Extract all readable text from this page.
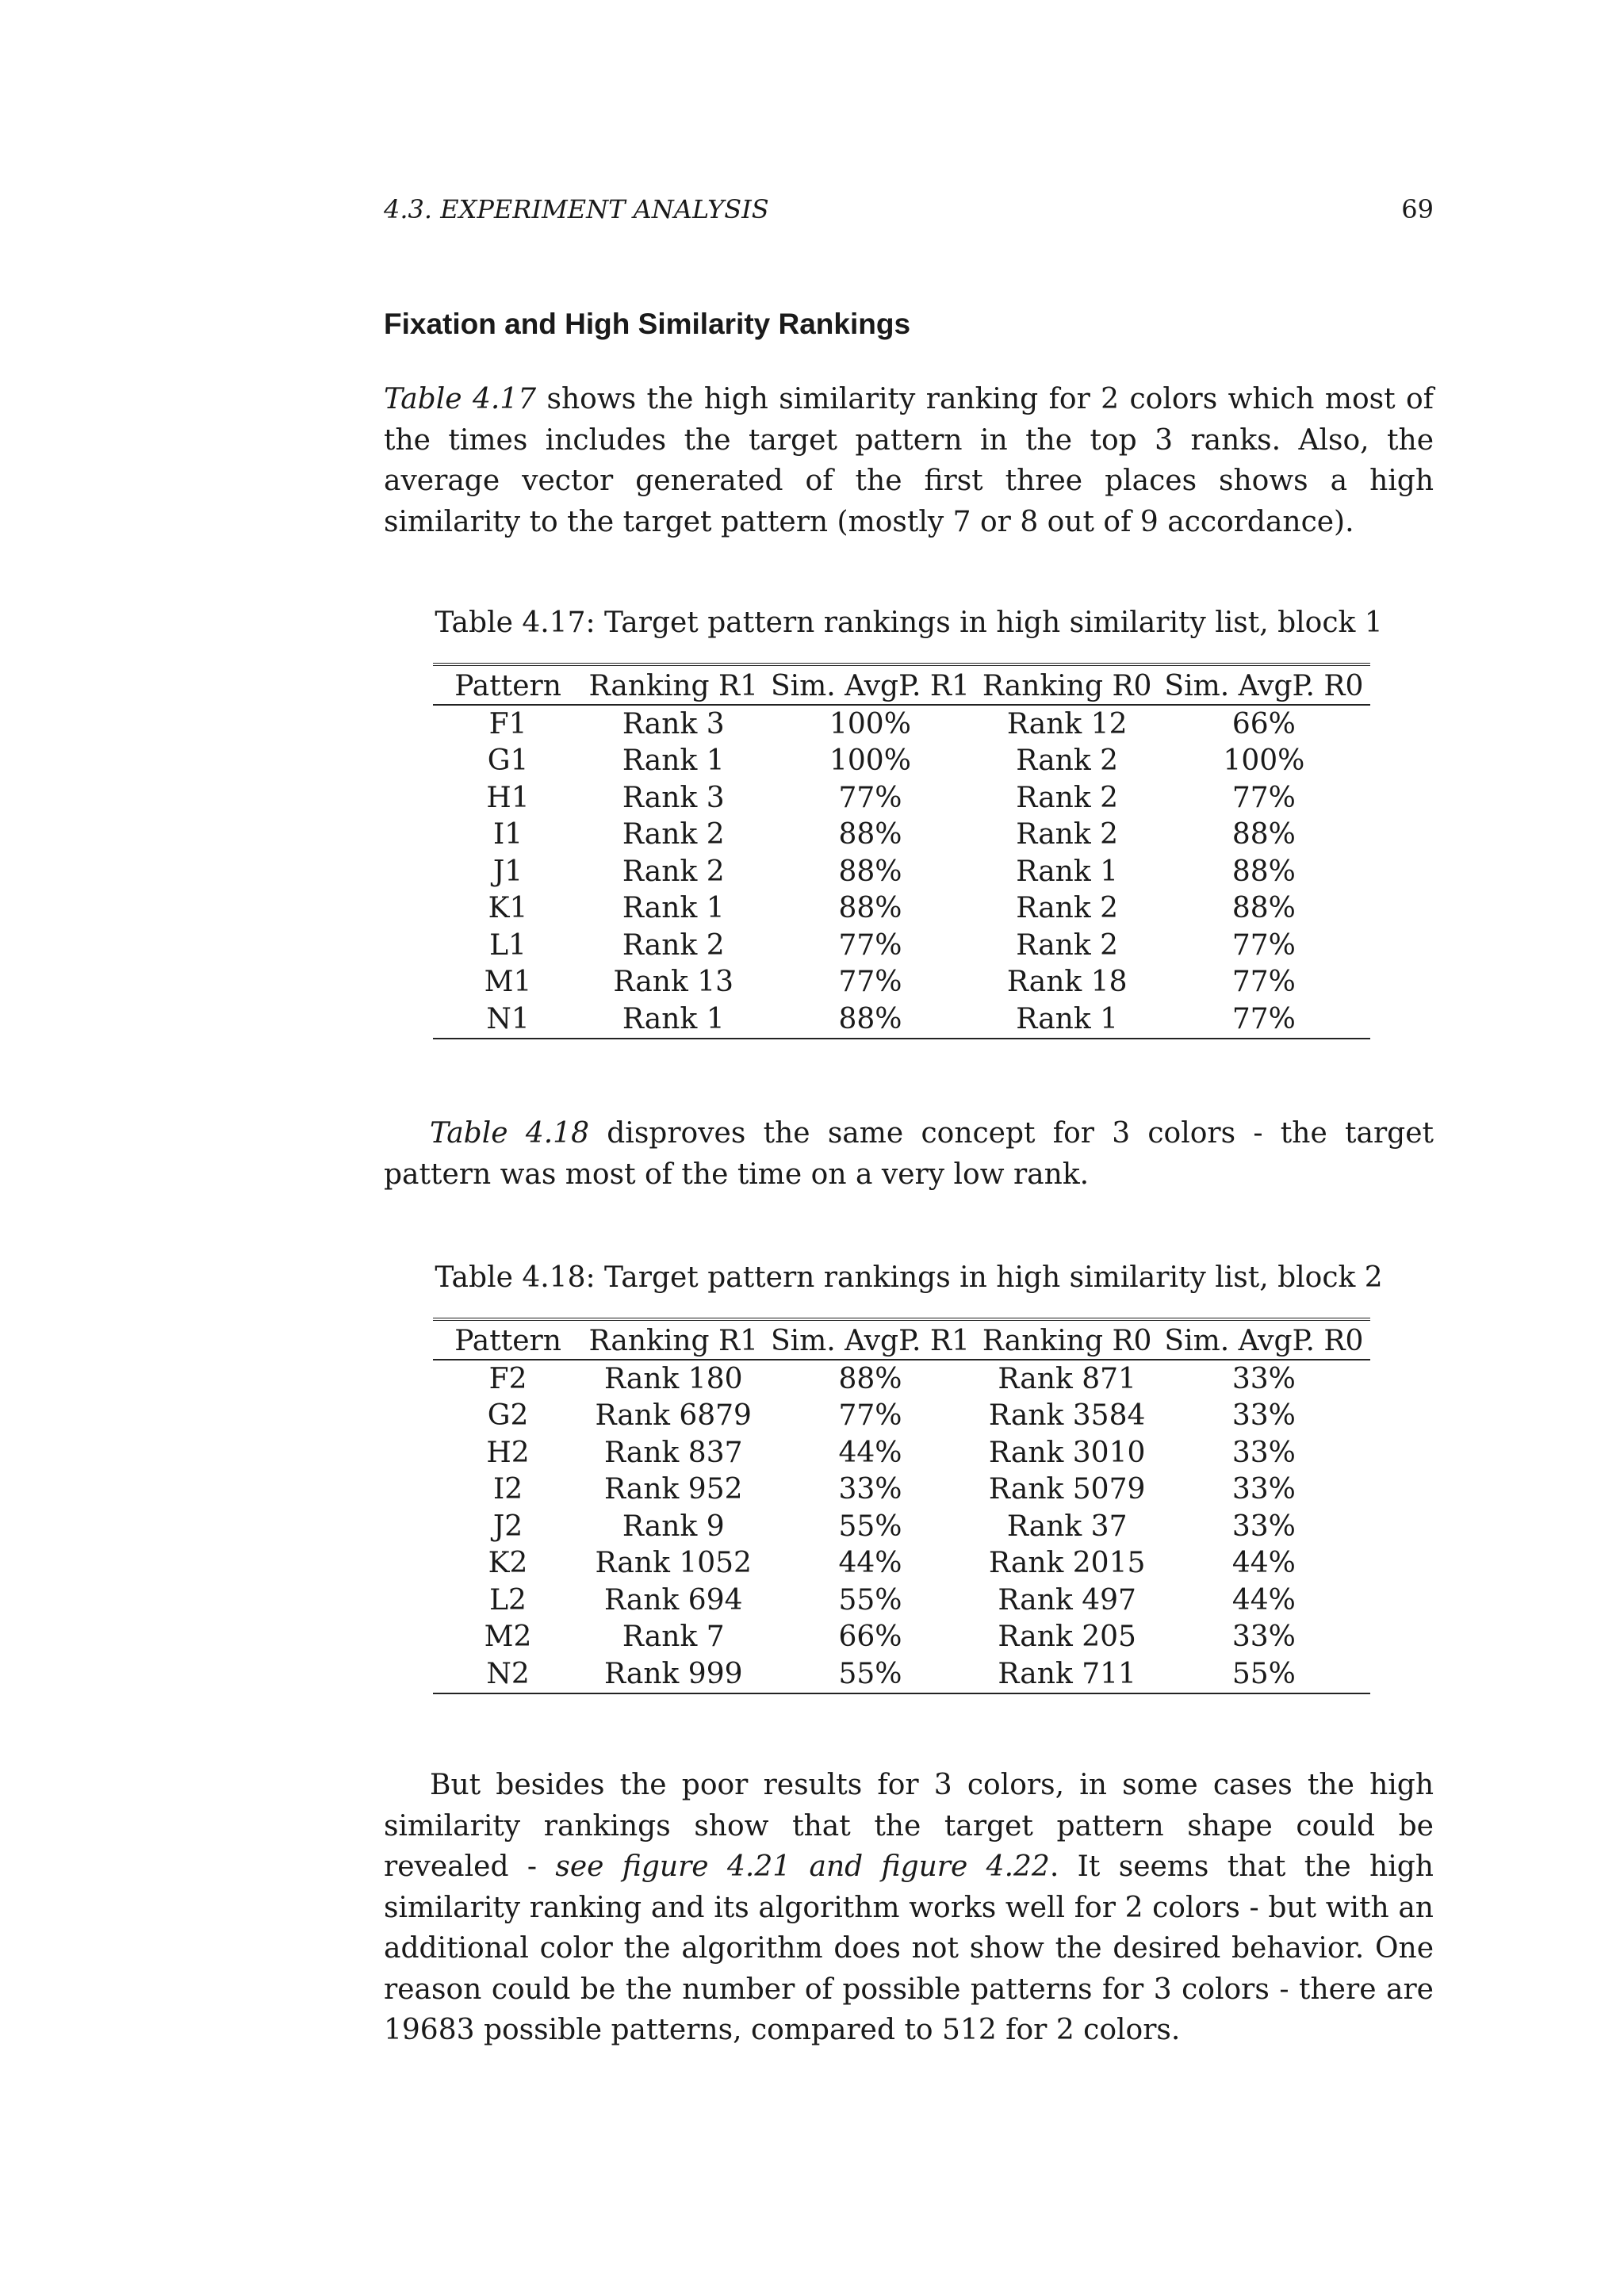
4.3. EXPERIMENT ANALYSIS	69
Fixation and High Similarity Rankings

Table 4.17 shows the high similarity ranking for 2 colors which most of the times includes the target pattern in the top 3 ranks. Also, the average vector generated of the first three places shows a high similarity to the target pattern (mostly 7 or 8 out of 9 accordance).

Table 4.17: Target pattern rankings in high similarity list, block 1
Pattern	Ranking R1	Sim. AvgP. R1	Ranking R0	Sim. AvgP. R0
F1	Rank 3	100%	Rank 12	66%
G1	Rank 1	100%	Rank 2	100%
H1	Rank 3	77%	Rank 2	77%
I1	Rank 2	88%	Rank 2	88%
J1	Rank 2	88%	Rank 1	88%
K1	Rank 1	88%	Rank 2	88%
L1	Rank 2	77%	Rank 2	77%
M1	Rank 13	77%	Rank 18	77%
N1	Rank 1	88%	Rank 1	77%

Table 4.18 disproves the same concept for 3 colors - the target pattern was most of the time on a very low rank.

Table 4.18: Target pattern rankings in high similarity list, block 2
Pattern	Ranking R1	Sim. AvgP. R1	Ranking R0	Sim. AvgP. R0
F2	Rank 180	88%	Rank 871	33%
G2	Rank 6879	77%	Rank 3584	33%
H2	Rank 837	44%	Rank 3010	33%
I2	Rank 952	33%	Rank 5079	33%
J2	Rank 9	55%	Rank 37	33%
K2	Rank 1052	44%	Rank 2015	44%
L2	Rank 694	55%	Rank 497	44%
M2	Rank 7	66%	Rank 205	33%
N2	Rank 999	55%	Rank 711	55%

But besides the poor results for 3 colors, in some cases the high similarity rankings show that the target pattern shape could be revealed - see figure 4.21 and figure 4.22. It seems that the high similarity ranking and its algorithm works well for 2 colors - but with an additional color the algorithm does not show the desired behavior. One reason could be the number of possible patterns for 3 colors - there are 19683 possible patterns, compared to 512 for 2 colors.
